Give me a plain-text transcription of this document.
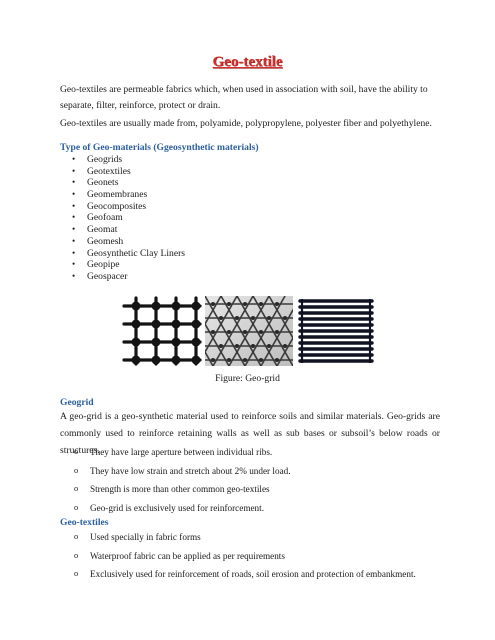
Geo-textile

Geo-textiles are permeable fabrics which, when used in association with soil, have the ability to separate, filter, reinforce, protect or drain.

Geo-textiles are usually made from, polyamide, polypropylene, polyester fiber and polyethylene.

Type of Geo-materials (Ggeosynthetic materials)

• Geogrids
• Geotextiles
• Geonets
• Geomembranes
• Geocomposites
• Geofoam
• Geomat
• Geomesh
• Geosynthetic Clay Liners
• Geopipe
• Geospacer
Figure: Geo-grid

Geogrid

A geo-grid is a geo-synthetic material used to reinforce soils and similar materials. Geo-grids are commonly used to reinforce retaining walls as well as sub bases or subsoil’s below roads or structures.

o They have large aperture between individual ribs.
o They have low strain and stretch about 2% under load.
o Strength is more than other common geo-textiles
o Geo-grid is exclusively used for reinforcement.

Geo-textiles

o Used specially in fabric forms
o Waterproof fabric can be applied as per requirements
o Exclusively used for reinforcement of roads, soil erosion and protection of embankment.
